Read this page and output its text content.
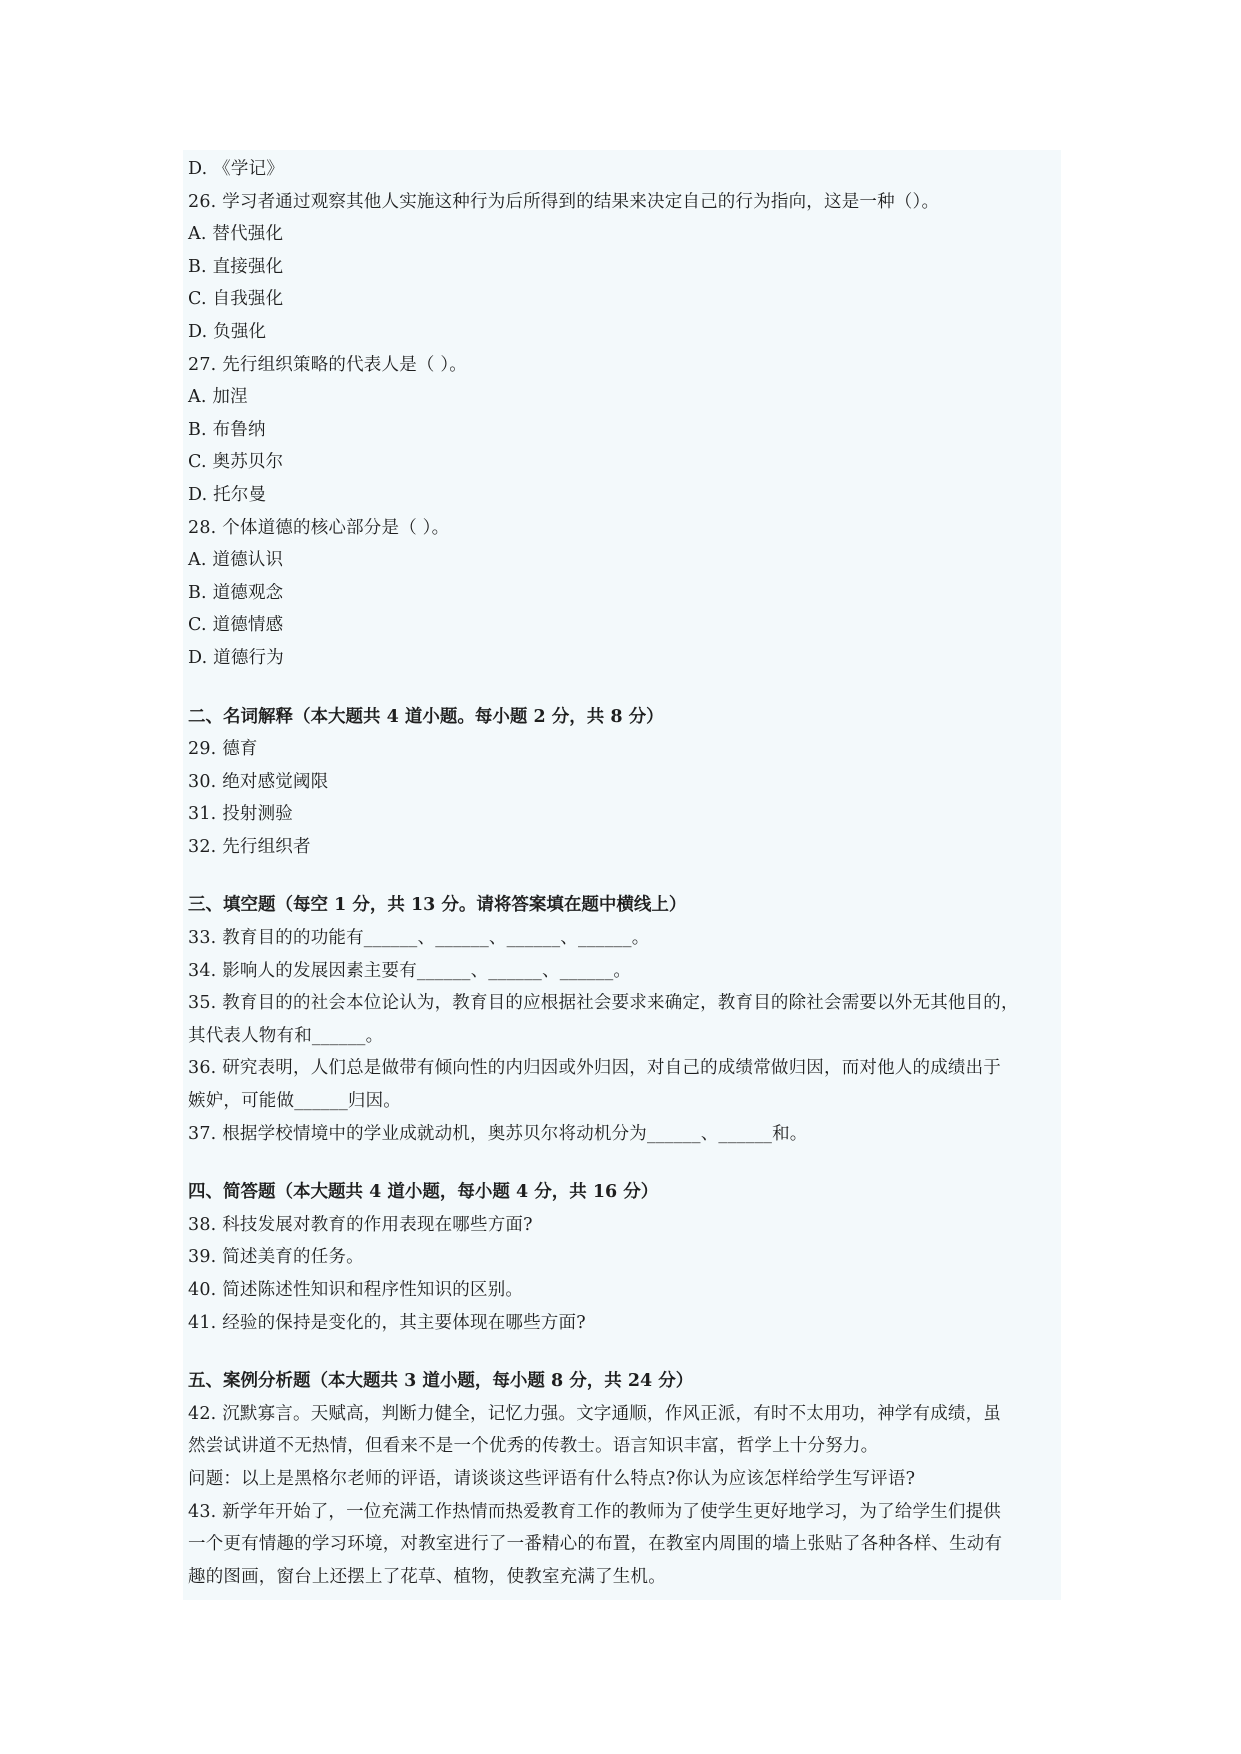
D. 《学记》
26. 学习者通过观察其他人实施这种行为后所得到的结果来决定自己的行为指向，这是一种（）。
A. 替代强化
B. 直接强化
C. 自我强化
D. 负强化
27. 先行组织策略的代表人是（ ）。
A. 加涅
B. 布鲁纳
C. 奥苏贝尔
D. 托尔曼
28. 个体道德的核心部分是（ ）。
A. 道德认识
B. 道德观念
C. 道德情感
D. 道德行为
二、名词解释（本大题共 4 道小题。每小题 2 分，共 8 分）
29. 德育
30. 绝对感觉阈限
31. 投射测验
32. 先行组织者
三、填空题（每空 1 分，共 13 分。请将答案填在题中横线上）
33. 教育目的的功能有______、______、______、______。
34. 影响人的发展因素主要有______、______、______。
35. 教育目的的社会本位论认为，教育目的应根据社会要求来确定，教育目的除社会需要以外无其他目的，
其代表人物有和______。
36. 研究表明，人们总是做带有倾向性的内归因或外归因，对自己的成绩常做归因，而对他人的成绩出于
嫉妒，可能做______归因。
37. 根据学校情境中的学业成就动机，奥苏贝尔将动机分为______、______和。
四、简答题（本大题共 4 道小题，每小题 4 分，共 16 分）
38. 科技发展对教育的作用表现在哪些方面?
39. 简述美育的任务。
40. 简述陈述性知识和程序性知识的区别。
41. 经验的保持是变化的，其主要体现在哪些方面?
五、案例分析题（本大题共 3 道小题，每小题 8 分，共 24 分）
42. 沉默寡言。天赋高，判断力健全，记忆力强。文字通顺，作风正派，有时不太用功，神学有成绩，虽
然尝试讲道不无热情，但看来不是一个优秀的传教士。语言知识丰富，哲学上十分努力。
问题：以上是黑格尔老师的评语，请谈谈这些评语有什么特点?你认为应该怎样给学生写评语?
43. 新学年开始了，一位充满工作热情而热爱教育工作的教师为了使学生更好地学习，为了给学生们提供
一个更有情趣的学习环境，对教室进行了一番精心的布置，在教室内周围的墙上张贴了各种各样、生动有
趣的图画，窗台上还摆上了花草、植物，使教室充满了生机。
